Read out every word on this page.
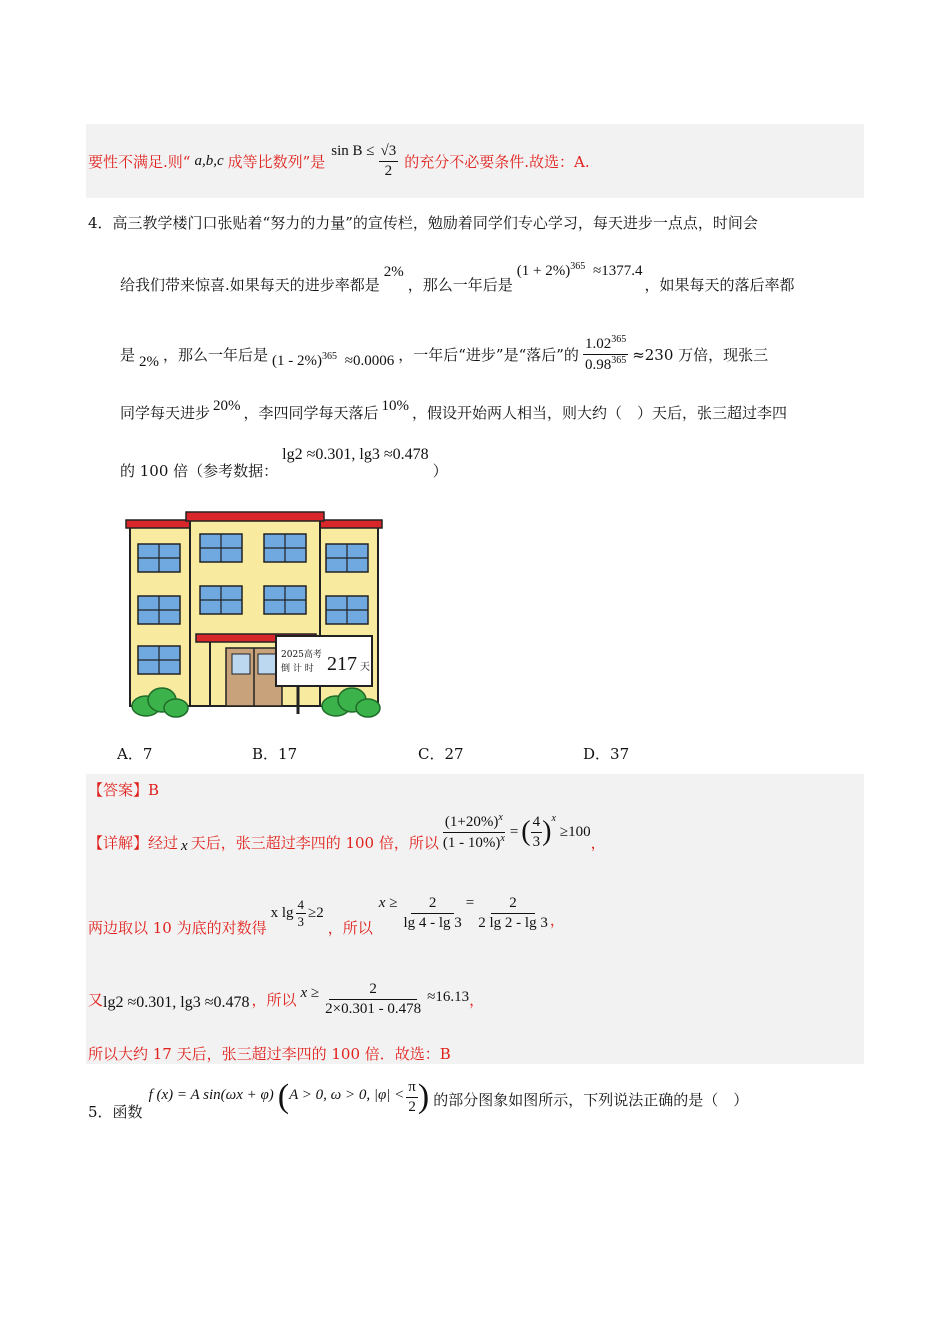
要性不满足.则“ a,b,c 成等比数列”是
$\sin B \le \frac{√3}{2}$ 的充分不必要条件.故选：A.
4．高三教学楼门口张贴着“努力的力量”的宣传栏，勉励着同学们专心学习，每天进步一点点，时间会
给我们带来惊喜.如果每天的进步率都是
2%
，那么一年后是
$(1 + 2\%)^{365} \approx 1377.4$
，如果每天的落后率都
是 2% ，那么一年后是 (1 - 2%)$^{365}$ ≈0.0006 ，一年后“进步”是“落后”的 $\frac{1.02^{365}}{0.98^{365}} \approx 230$ 万倍，现张三
同学每天进步 20% ，李四同学每天落后 10% ，假设开始两人相当，则大约（　）天后，张三超过李四
的 100 倍（参考数据：
lg2 ≈0.301, lg3 ≈0.478
）
2025高考
倒 计 时 217 天
A．7	B．17	C．27	D．37
【答案】B
【详解】 经过 x 天后，张三超过李四的 100 倍，所以 $\frac{(1+20\%)^x}{(1 - 10\%)^x}$ = ( $\frac{4}{3} )^x$
≥100
，
两边取以 10 为底的对数得
x $\lg \frac{4}{3} \ge 2$
，所以
$x \ge \frac{2}{\lg 4 - \lg 3} = \frac{2}{2 \lg 2 - \lg 3}$ ，
又 lg2 ≈0.301, lg3 ≈0.478 ，所以 $x \ge \frac{2}{2\times 0.301 - 0.478} \approx 16.13$ ，
所以大约 17 天后，张三超过李四的 100 倍．故选：B
5． 函数
f (x) = A sin(ωx + φ) ( A > 0, ω > 0, $|\varphi| < \frac{\pi}{2}$ ) 的部分图象如图所示，下列说法正确的是（　）
